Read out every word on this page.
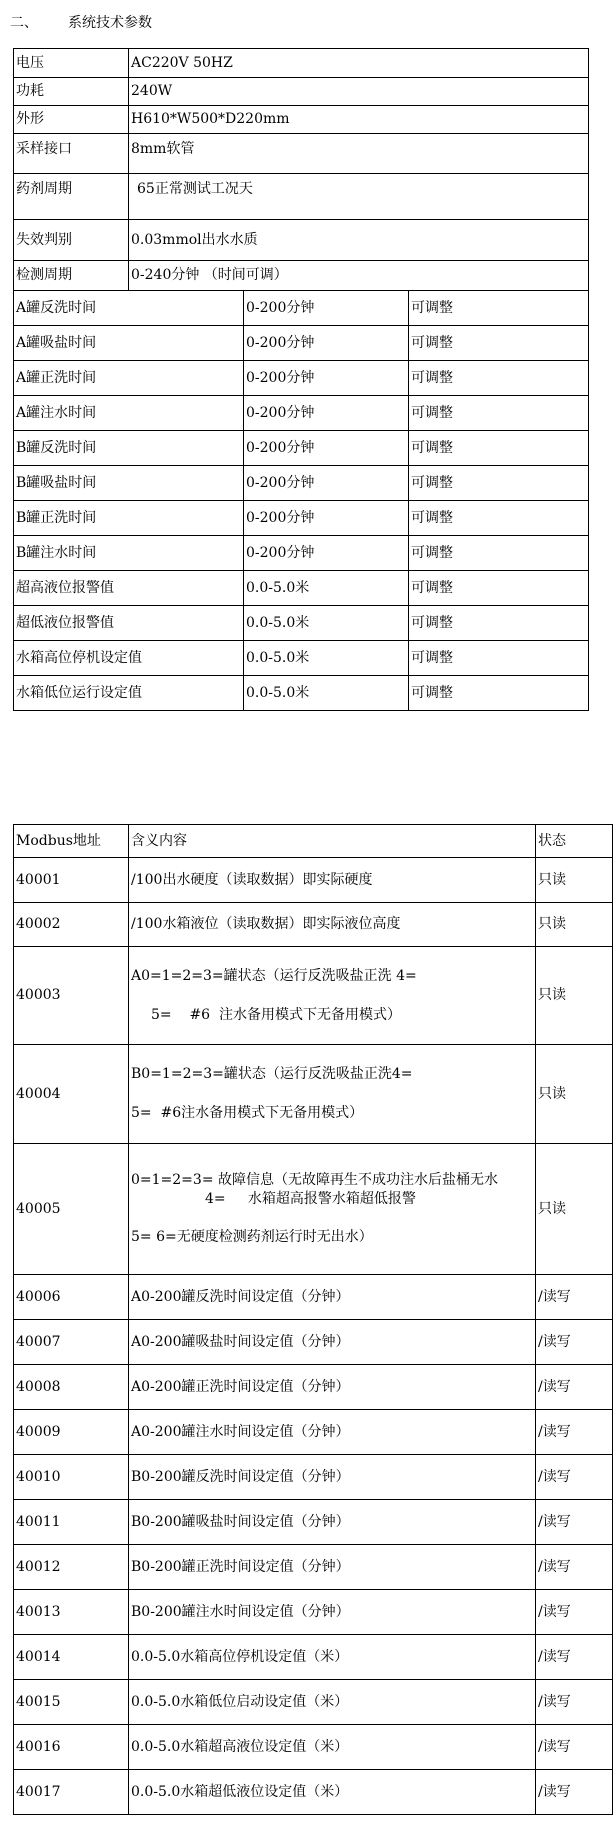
二、 系统技术参数
电压	AC220V 50HZ		
功耗	240W		
外形	H610*W500*D220mm		
采样接口	8mm软管		
药剂周期	65正常测试工况天		
失效判别	0.03mmol出水水质		
检测周期	0-240分钟 （时间可调）		
A罐反洗时间		0-200分钟	可调整
A罐吸盐时间		0-200分钟	可调整
A罐正洗时间		0-200分钟	可调整
A罐注水时间		0-200分钟	可调整
B罐反洗时间		0-200分钟	可调整
B罐吸盐时间		0-200分钟	可调整
B罐正洗时间		0-200分钟	可调整
B罐注水时间		0-200分钟	可调整
超高液位报警值		0.0-5.0米	可调整
超低液位报警值		0.0-5.0米	可调整
水箱高位停机设定值		0.0-5.0米	可调整
水箱低位运行设定值		0.0-5.0米	可调整
Modbus地址	含义内容	状态
40001	/100出水硬度（读取数据）即实际硬度	只读
40002	/100水箱液位（读取数据）即实际液位高度	只读
40003	A0=1=2=3=罐状态（运行反洗吸盐正洗 4=
5=    #6  注水备用模式下无备用模式）	只读
40004	B0=1=2=3=罐状态（运行反洗吸盐正洗4=
5=  #6注水备用模式下无备用模式）	只读
40005	0=1=2=3= 故障信息（无故障再生不成功注水后盐桶无水
4=     水箱超高报警水箱超低报警
5= 6=无硬度检测药剂运行时无出水）	只读
40006	A0-200罐反洗时间设定值（分钟）	/读写
40007	A0-200罐吸盐时间设定值（分钟）	/读写
40008	A0-200罐正洗时间设定值（分钟）	/读写
40009	A0-200罐注水时间设定值（分钟）	/读写
40010	B0-200罐反洗时间设定值（分钟）	/读写
40011	B0-200罐吸盐时间设定值（分钟）	/读写
40012	B0-200罐正洗时间设定值（分钟）	/读写
40013	B0-200罐注水时间设定值（分钟）	/读写
40014	0.0-5.0水箱高位停机设定值（米）	/读写
40015	0.0-5.0水箱低位启动设定值（米）	/读写
40016	0.0-5.0水箱超高液位设定值（米）	/读写
40017	0.0-5.0水箱超低液位设定值（米）	/读写
